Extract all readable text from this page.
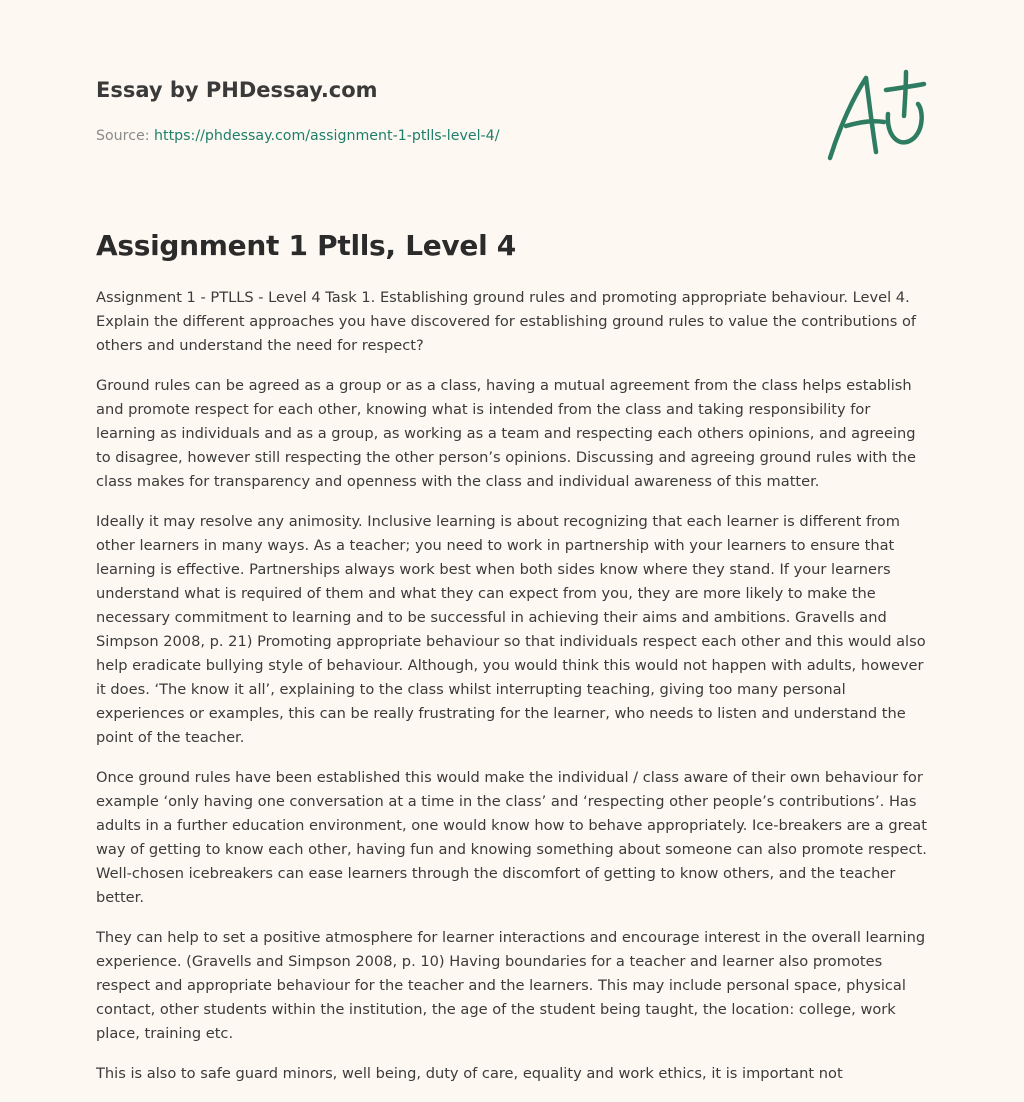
Essay by PHDessay.com
Source: https://phdessay.com/assignment-1-ptlls-level-4/
Assignment 1 Ptlls, Level 4

Assignment 1 - PTLLS - Level 4 Task 1. Establishing ground rules and promoting appropriate behaviour. Level 4. Explain the different approaches you have discovered for establishing ground rules to value the contributions of others and understand the need for respect?

Ground rules can be agreed as a group or as a class, having a mutual agreement from the class helps establish and promote respect for each other, knowing what is intended from the class and taking responsibility for learning as individuals and as a group, as working as a team and respecting each others opinions, and agreeing to disagree, however still respecting the other person’s opinions. Discussing and agreeing ground rules with the class makes for transparency and openness with the class and individual awareness of this matter.

Ideally it may resolve any animosity. Inclusive learning is about recognizing that each learner is different from other learners in many ways. As a teacher; you need to work in partnership with your learners to ensure that learning is effective. Partnerships always work best when both sides know where they stand. If your learners understand what is required of them and what they can expect from you, they are more likely to make the necessary commitment to learning and to be successful in achieving their aims and ambitions. Gravells and Simpson 2008, p. 21) Promoting appropriate behaviour so that individuals respect each other and this would also help eradicate bullying style of behaviour. Although, you would think this would not happen with adults, however it does. ‘The know it all’, explaining to the class whilst interrupting teaching, giving too many personal experiences or examples, this can be really frustrating for the learner, who needs to listen and understand the point of the teacher.

Once ground rules have been established this would make the individual / class aware of their own behaviour for example ‘only having one conversation at a time in the class’ and ‘respecting other people’s contributions’. Has adults in a further education environment, one would know how to behave appropriately. Ice-breakers are a great way of getting to know each other, having fun and knowing something about someone can also promote respect. Well-chosen icebreakers can ease learners through the discomfort of getting to know others, and the teacher better.

They can help to set a positive atmosphere for learner interactions and encourage interest in the overall learning experience. (Gravells and Simpson 2008, p. 10) Having boundaries for a teacher and learner also promotes respect and appropriate behaviour for the teacher and the learners. This may include personal space, physical contact, other students within the institution, the age of the student being taught, the location: college, work place, training etc.

This is also to safe guard minors, well being, duty of care, equality and work ethics, it is important not
